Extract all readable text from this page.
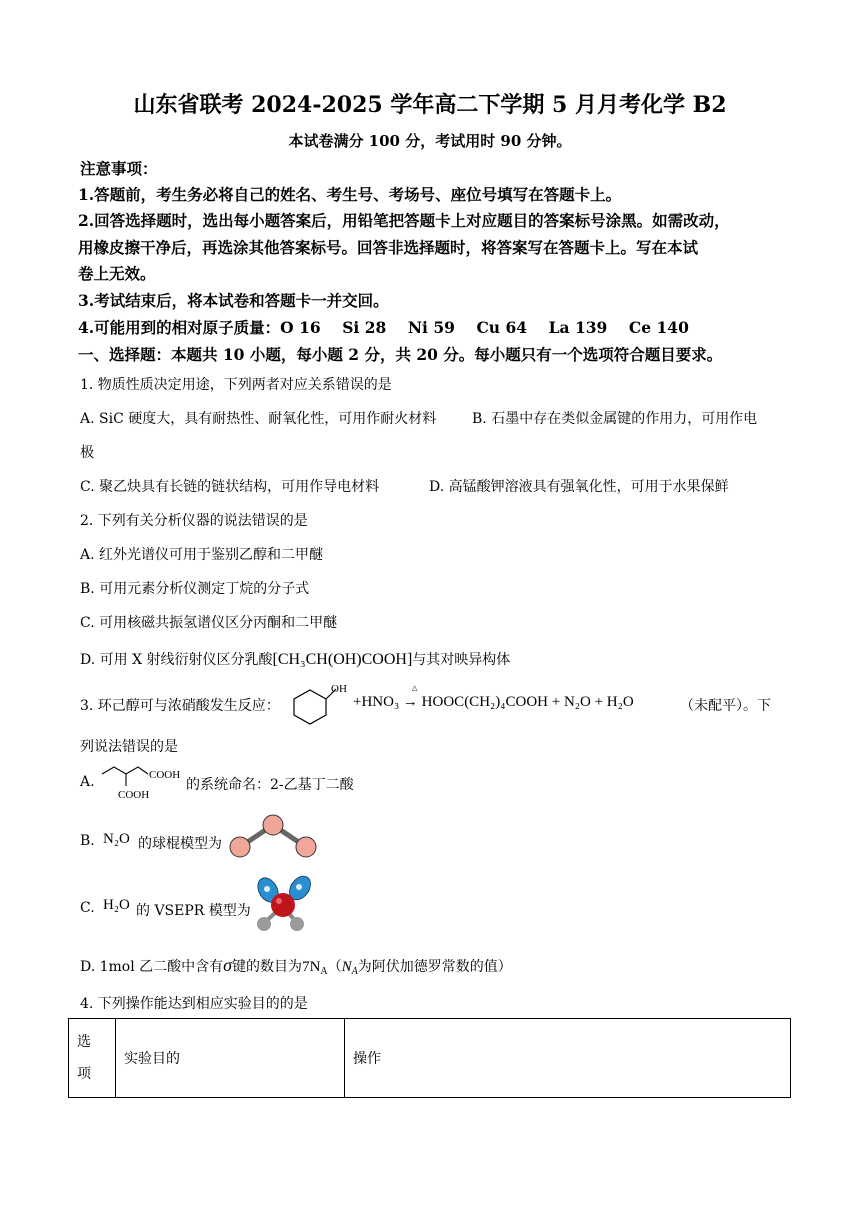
山东省联考 2024-2025 学年高二下学期 5 月月考化学 B2
本试卷满分 100 分，考试用时 90 分钟。
注意事项：
1.答题前，考生务必将自己的姓名、考生号、考场号、座位号填写在答题卡上。
2.回答选择题时，选出每小题答案后，用铅笔把答题卡上对应题目的答案标号涂黑。如需改动，
用橡皮擦干净后，再选涂其他答案标号。回答非选择题时，将答案写在答题卡上。写在本试
卷上无效。
3.考试结束后，将本试卷和答题卡一并交回。
4.可能用到的相对原子质量：O 16    Si 28    Ni 59    Cu 64    La 139    Ce 140
一、选择题：本题共 10 小题，每小题 2 分，共 20 分。每小题只有一个选项符合题目要求。
1. 物质性质决定用途，下列两者对应关系错误的是
A. SiC 硬度大，具有耐热性、耐氧化性，可用作耐火材料	B. 石墨中存在类似金属键的作用力，可用作电
极
C. 聚乙炔具有长链的链状结构，可用作导电材料	D. 高锰酸钾溶液具有强氧化性，可用于水果保鲜
2. 下列有关分析仪器的说法错误的是
A. 红外光谱仪可用于鉴别乙醇和二甲醚
B. 可用元素分析仪测定丁烷的分子式
C. 可用核磁共振氢谱仪区分丙酮和二甲醚
D. 可用 X 射线衍射仪区分乳酸[CH₃CH(OH)COOH]与其对映异构体
3. 环己醇可与浓硝酸发生反应：
OH	△
+HNO₃ → HOOC(CH₂)₄COOH + N₂O + H₂O	（未配平）。下
列说法错误的是
A.	COOH
COOH
的系统命名：2-乙基丁二酸
B. N₂O 的球棍模型为
C. H₂O 的 VSEPR 模型为
D. 1mol 乙二酸中含有σ键的数目为$7N_A(N_A$为阿伏加德罗常数的值）
4. 下列操作能达到相应实验目的的是
选
项
	实验目的	操作
